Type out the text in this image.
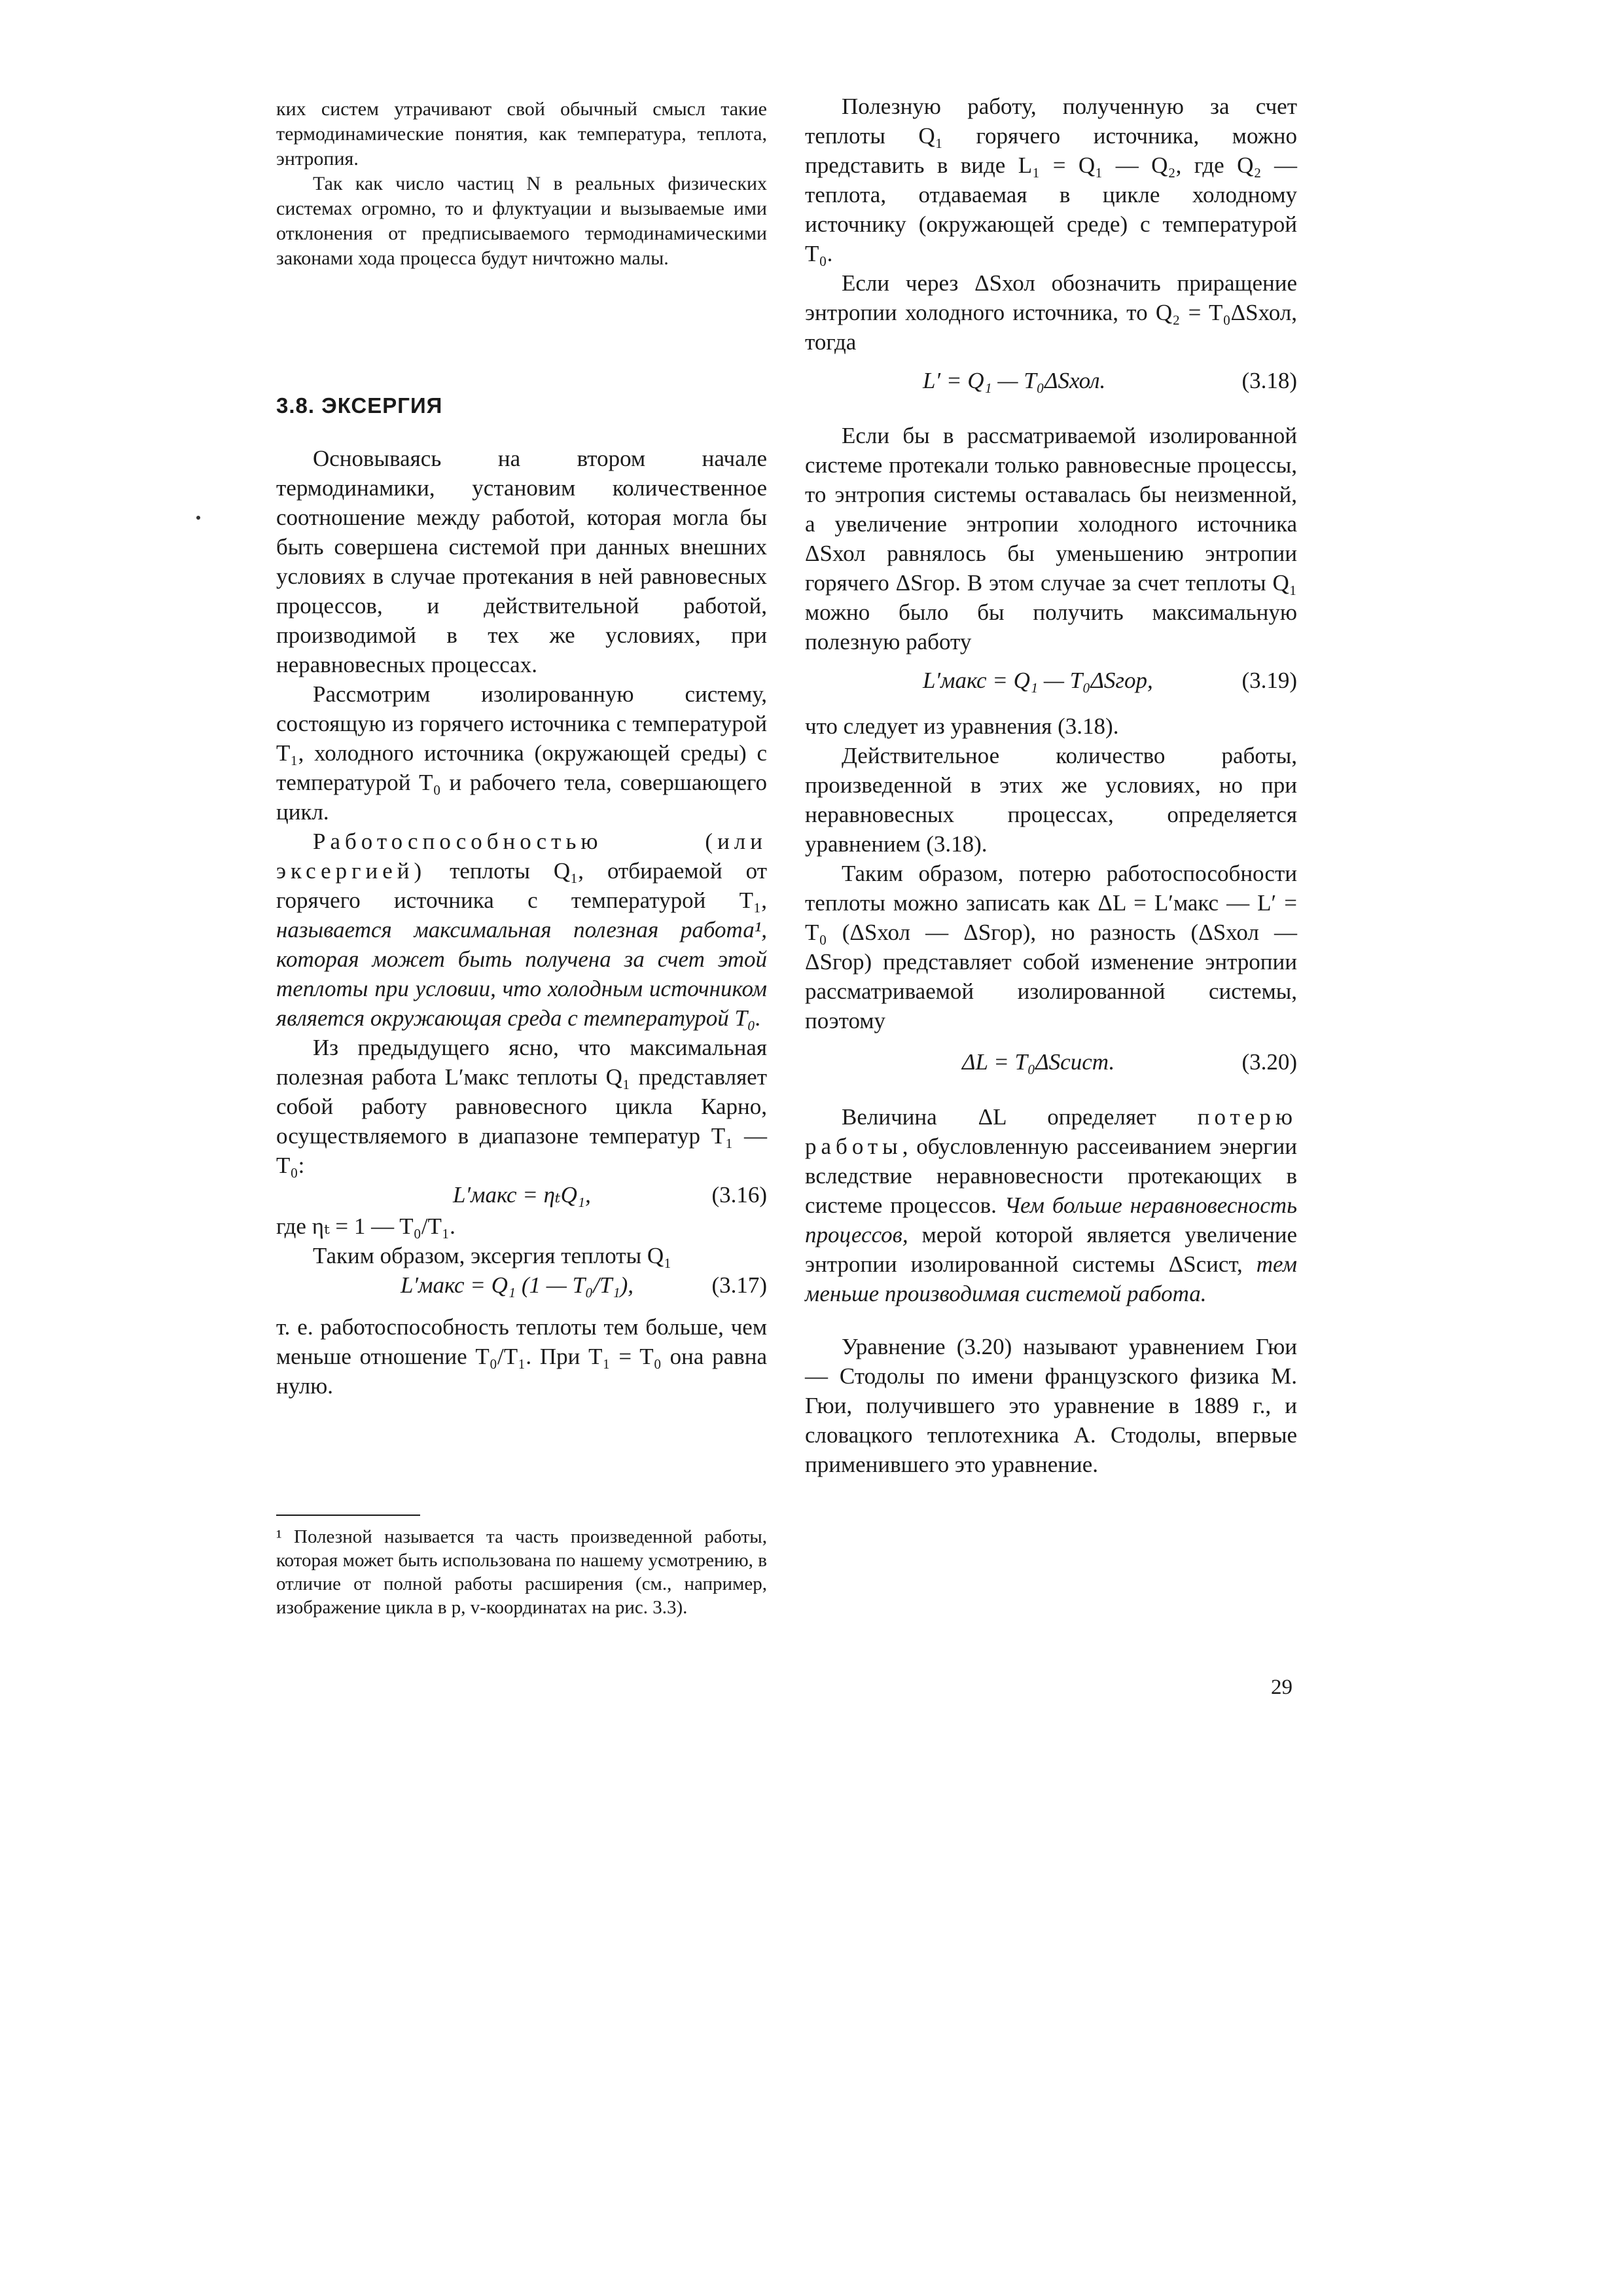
ких систем утрачивают свой обычный смысл такие термодинамические понятия, как температура, теплота, энтропия.

Так как число частиц N в реальных физических системах огромно, то и флуктуации и вызываемые ими отклонения от предписываемого термодинамическими законами хода процесса будут ничтожно малы.

3.8. ЭКСЕРГИЯ

Основываясь на втором начале термодинамики, установим количественное соотношение между работой, которая могла бы быть совершена системой при данных внешних условиях в случае протекания в ней равновесных процессов, и действительной работой, производимой в тех же условиях, при неравновесных процессах.

Рассмотрим изолированную систему, состоящую из горячего источника с температурой T₁, холодного источника (окружающей среды) с температурой T₀ и рабочего тела, совершающего цикл.

Работоспособностью (или эксергией) теплоты Q₁, отбираемой от горячего источника с температурой T₁, называется максимальная полезная работа¹, которая может быть получена за счет этой теплоты при условии, что холодным источником является окружающая среда с температурой T₀.

Из предыдущего ясно, что максимальная полезная работа L′макс теплоты Q₁ представляет собой работу равновесного цикла Карно, осуществляемого в диапазоне температур T₁ — T₀:

L′макс = ηₜQ₁,	(3.16)

где ηₜ = 1 — T₀/T₁.

Таким образом, эксергия теплоты Q₁

L′макс = Q₁ (1 — T₀/T₁),	(3.17)

т. е. работоспособность теплоты тем больше, чем меньше отношение T₀/T₁. При T₁ = T₀ она равна нулю.

¹ Полезной называется та часть произведенной работы, которая может быть использована по нашему усмотрению, в отличие от полной работы расширения (см., например, изображение цикла в p, v-координатах на рис. 3.3).

Полезную работу, полученную за счет теплоты Q₁ горячего источника, можно представить в виде L₁ = Q₁ — Q₂, где Q₂ — теплота, отдаваемая в цикле холодному источнику (окружающей среде) с температурой T₀.

Если через ΔSхол обозначить приращение энтропии холодного источника, то Q₂ = T₀ΔSхол, тогда

L′ = Q₁ — T₀ΔSхол.	(3.18)

Если бы в рассматриваемой изолированной системе протекали только равновесные процессы, то энтропия системы оставалась бы неизменной, а увеличение энтропии холодного источника ΔSхол равнялось бы уменьшению энтропии горячего ΔSгор. В этом случае за счет теплоты Q₁ можно было бы получить максимальную полезную работу

L′макс = Q₁ — T₀ΔSгор,	(3.19)

что следует из уравнения (3.18).

Действительное количество работы, произведенной в этих же условиях, но при неравновесных процессах, определяется уравнением (3.18).

Таким образом, потерю работоспособности теплоты можно записать как ΔL = L′макс — L′ = T₀ (ΔSхол — ΔSгор), но разность (ΔSхол — ΔSгор) представляет собой изменение энтропии рассматриваемой изолированной системы, поэтому

ΔL = T₀ΔSсист.	(3.20)

Величина ΔL определяет потерю работы, обусловленную рассеиванием энергии вследствие неравновесности протекающих в системе процессов. Чем больше неравновесность процессов, мерой которой является увеличение энтропии изолированной системы ΔSсист, тем меньше производимая системой работа.

Уравнение (3.20) называют уравнением Гюи — Стодолы по имени французского физика М. Гюи, получившего это уравнение в 1889 г., и словацкого теплотехника А. Стодолы, впервые применившего это уравнение.

29
